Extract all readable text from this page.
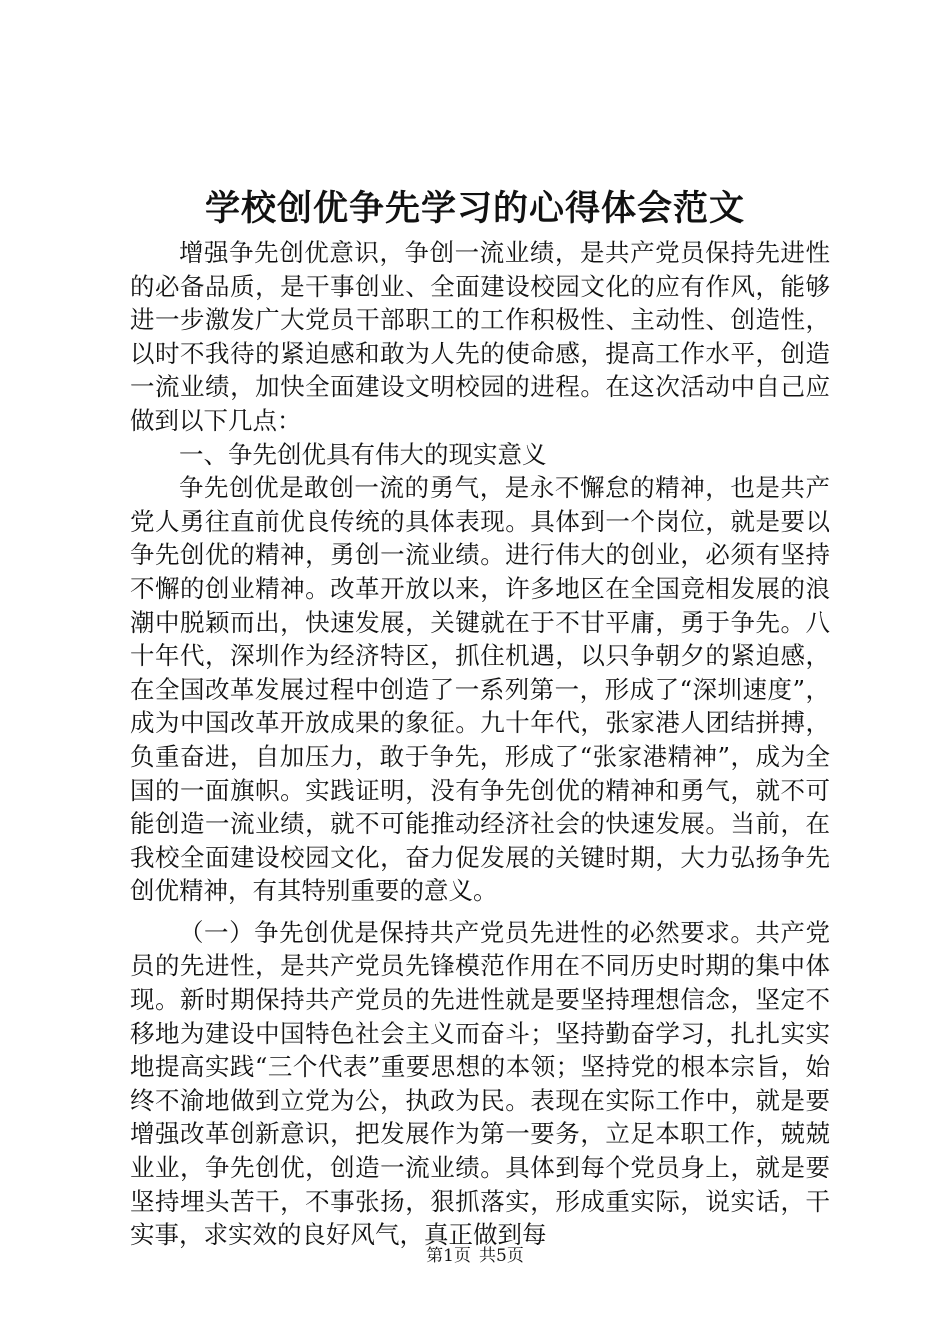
学校创优争先学习的心得体会范文

增强争先创优意识，争创一流业绩，是共产党员保持先进性的必备品质，是干事创业、全面建设校园文化的应有作风，能够进一步激发广大党员干部职工的工作积极性、主动性、创造性，以时不我待的紧迫感和敢为人先的使命感，提高工作水平，创造一流业绩，加快全面建设文明校园的进程。在这次活动中自己应做到以下几点：

一、争先创优具有伟大的现实意义

争先创优是敢创一流的勇气，是永不懈怠的精神，也是共产党人勇往直前优良传统的具体表现。具体到一个岗位，就是要以争先创优的精神，勇创一流业绩。进行伟大的创业，必须有坚持不懈的创业精神。改革开放以来，许多地区在全国竞相发展的浪潮中脱颖而出，快速发展，关键就在于不甘平庸，勇于争先。八十年代，深圳作为经济特区，抓住机遇，以只争朝夕的紧迫感，在全国改革发展过程中创造了一系列第一，形成了“深圳速度”，成为中国改革开放成果的象征。九十年代，张家港人团结拼搏，负重奋进，自加压力，敢于争先，形成了“张家港精神”，成为全国的一面旗帜。实践证明，没有争先创优的精神和勇气，就不可能创造一流业绩，就不可能推动经济社会的快速发展。当前，在我校全面建设校园文化，奋力促发展的关键时期，大力弘扬争先创优精神，有其特别重要的意义。

（一）争先创优是保持共产党员先进性的必然要求。共产党员的先进性，是共产党员先锋模范作用在不同历史时期的集中体现。新时期保持共产党员的先进性就是要坚持理想信念，坚定不移地为建设中国特色社会主义而奋斗；坚持勤奋学习，扎扎实实地提高实践“三个代表”重要思想的本领；坚持党的根本宗旨，始终不渝地做到立党为公，执政为民。表现在实际工作中，就是要增强改革创新意识，把发展作为第一要务，立足本职工作，兢兢业业，争先创优，创造一流业绩。具体到每个党员身上，就是要坚持埋头苦干，不事张扬，狠抓落实，形成重实际，说实话，干实事，求实效的良好风气，真正做到每

第1页 共5页
